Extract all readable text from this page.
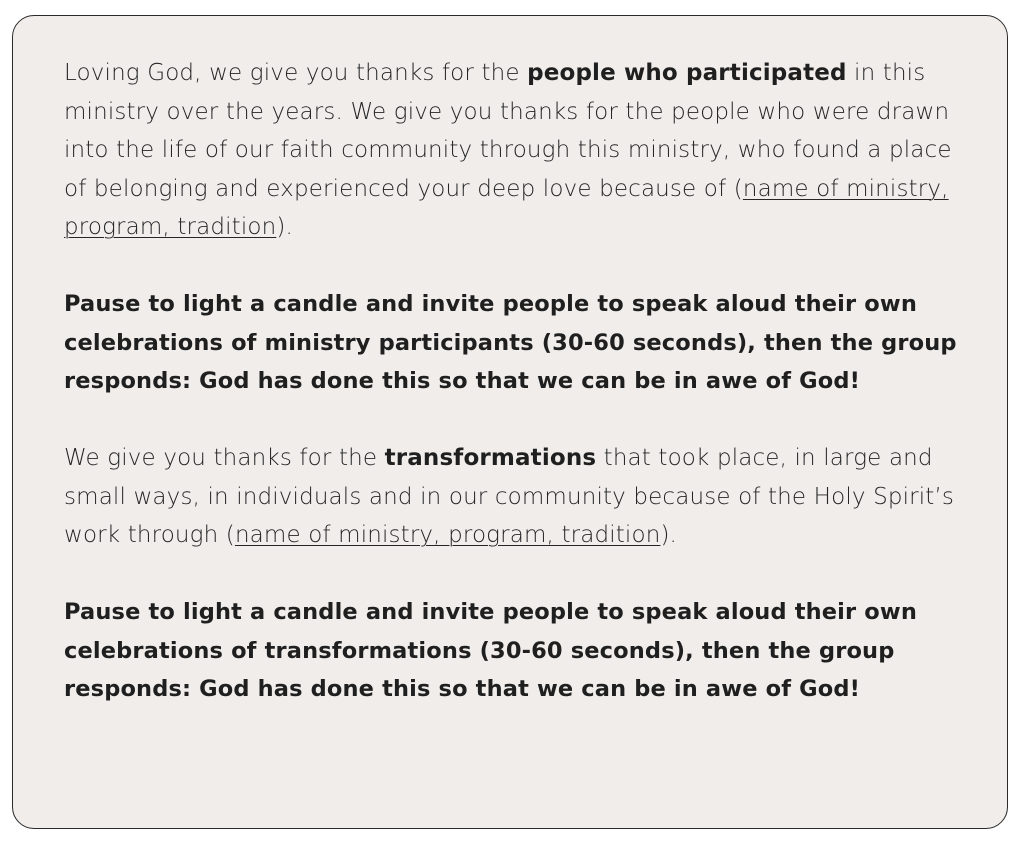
Loving God, we give you thanks for the people who participated in this ministry over the years. We give you thanks for the people who were drawn into the life of our faith community through this ministry, who found a place of belonging and experienced your deep love because of (name of ministry, program, tradition).

Pause to light a candle and invite people to speak aloud their own celebrations of ministry participants (30-60 seconds), then the group responds: God has done this so that we can be in awe of God!

We give you thanks for the transformations that took place, in large and small ways, in individuals and in our community because of the Holy Spirit’s work through (name of ministry, program, tradition).

Pause to light a candle and invite people to speak aloud their own celebrations of transformations (30-60 seconds), then the group responds: God has done this so that we can be in awe of God!
